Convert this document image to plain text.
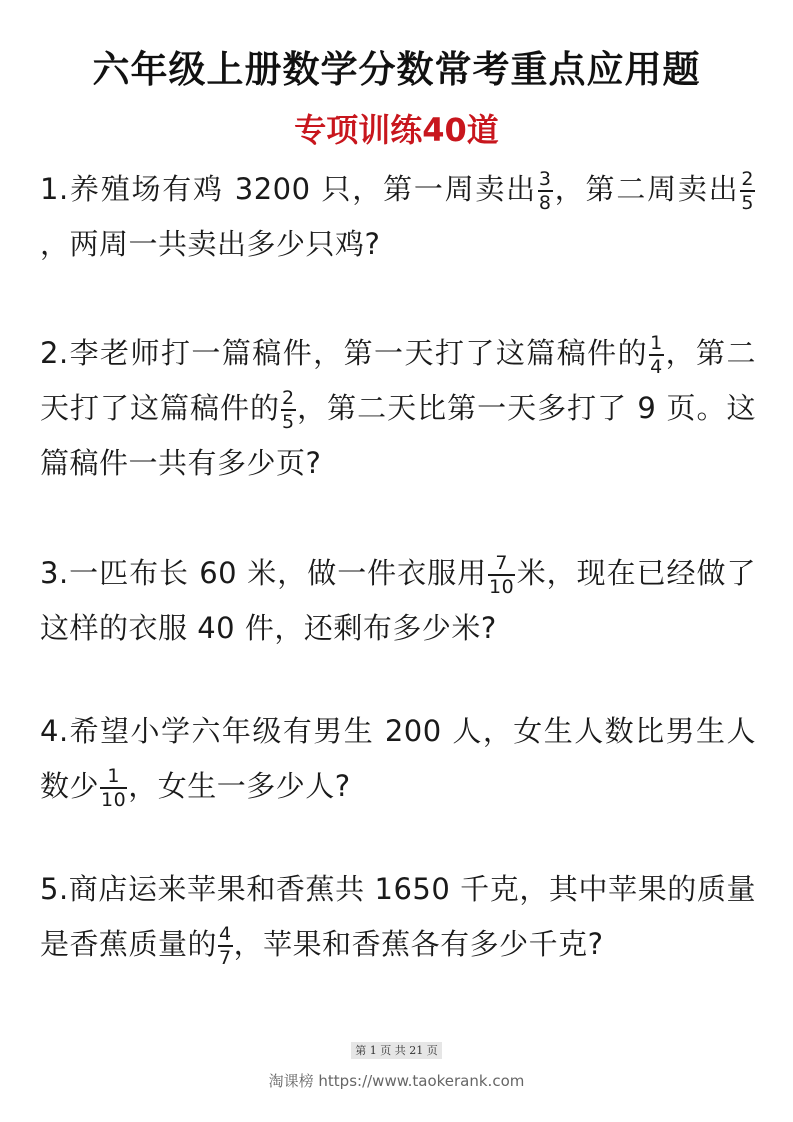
六年级上册数学分数常考重点应用题
专项训练40道

1.养殖场有鸡 3200 只，第一周卖出 $\frac{3}{8}$ ，第二周卖出 $\frac{2}{5}$
，两周一共卖出多少只鸡?

2.李老师打一篇稿件，第一天打了这篇稿件的 $\frac{1}{4}$ ，第二天打了这篇稿件的 $\frac{2}{5}$ ，第二天比第一天多打了 9 页。这篇稿件一共有多少页?

3.一匹布长 60 米，做一件衣服用 $\frac{7}{10}$ 米，现在已经做了这样的衣服 40 件，还剩布多少米?

4.希望小学六年级有男生 200 人，女生人数比男生人数少 $\frac{1}{10}$ ，女生一多少人?

5.商店运来苹果和香蕉共 1650 千克，其中苹果的质量是香蕉质量的 $\frac{4}{7}$ ，苹果和香蕉各有多少千克?

第 1 页 共 21 页
淘课榜 https://www.taokerank.com
